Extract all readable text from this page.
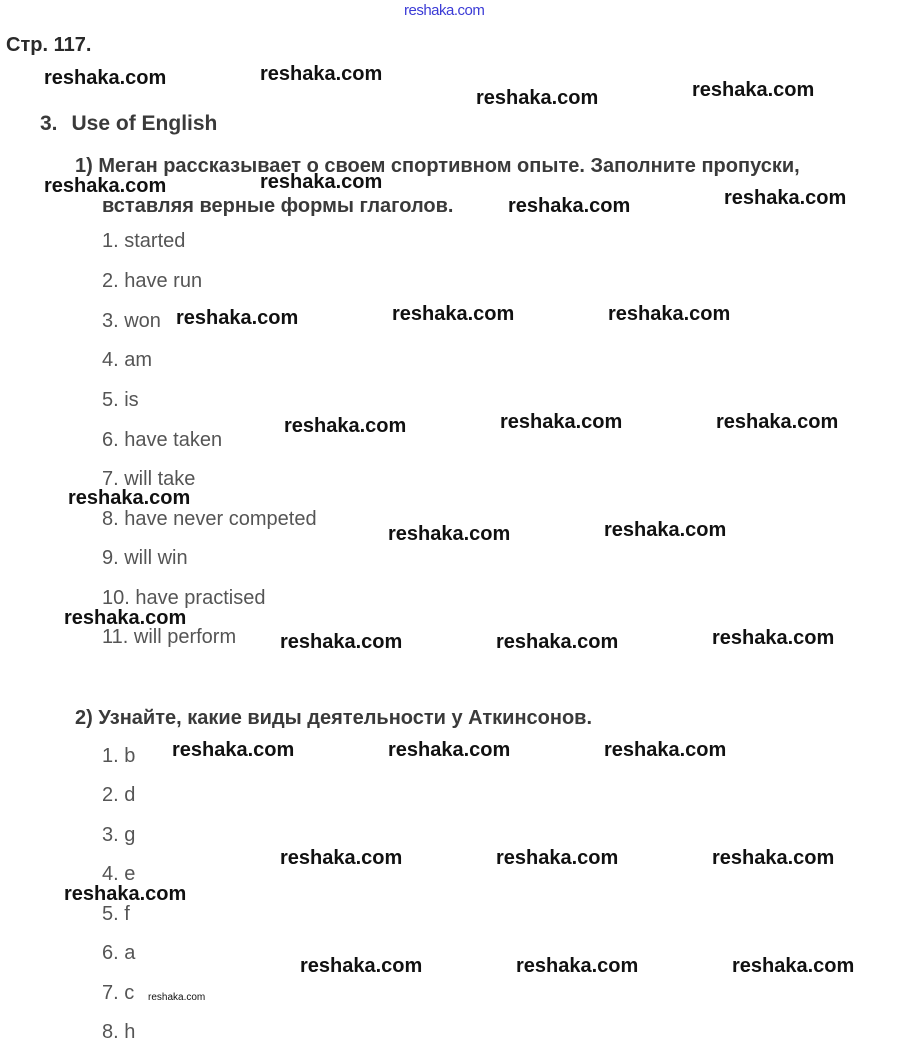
reshaka.com
Стр. 117.
3. Use of English
1) Меган рассказывает о своем спортивном опыте. Заполните пропуски,
вставляя верные формы глаголов.
1. started
2. have run
3. won
4. am
5. is
6. have taken
7. will take
8. have never competed
9. will win
10. have practised
11. will perform
2) Узнайте, какие виды деятельности у Аткинсонов.
1. b
2. d
3. g
4. e
5. f
6. a
7. c
8. h
reshaka.com	reshaka.com
reshaka.com	reshaka.com
reshaka.com	reshaka.com
reshaka.com	reshaka.com
reshaka.com	reshaka.com	reshaka.com
reshaka.com	reshaka.com	reshaka.com
reshaka.com
reshaka.com	reshaka.com
reshaka.com
reshaka.com	reshaka.com	reshaka.com
reshaka.com	reshaka.com	reshaka.com
reshaka.com	reshaka.com	reshaka.com
reshaka.com
reshaka.com	reshaka.com	reshaka.com
reshaka.com
